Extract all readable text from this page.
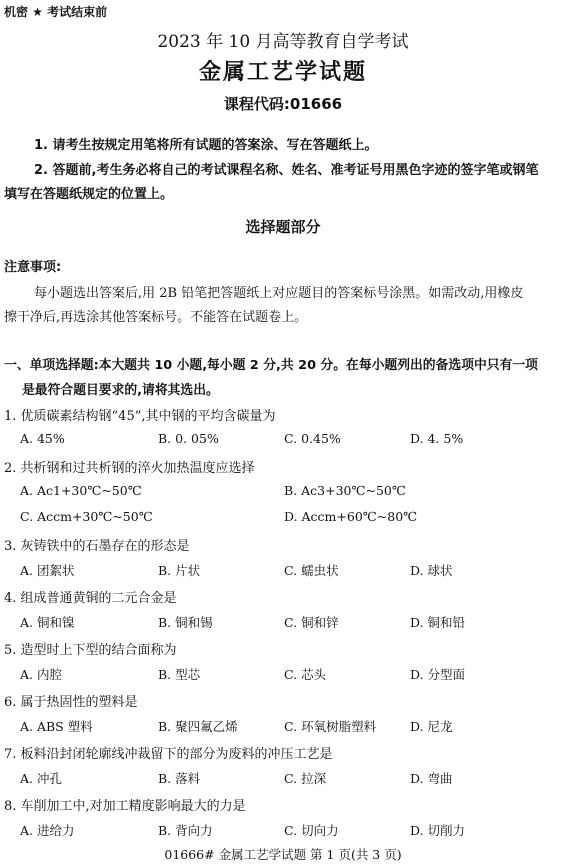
机密 ★ 考试结束前
2023 年 10 月高等教育自学考试
金属工艺学试题
课程代码:01666
1. 请考生按规定用笔将所有试题的答案涂、写在答题纸上。
2. 答题前,考生务必将自己的考试课程名称、姓名、准考证号用黑色字迹的签字笔或钢笔
填写在答题纸规定的位置上。
选择题部分
注意事项:
每小题选出答案后,用 2B 铅笔把答题纸上对应题目的答案标号涂黑。如需改动,用橡皮
擦干净后,再选涂其他答案标号。不能答在试题卷上。
一、单项选择题:本大题共 10 小题,每小题 2 分,共 20 分。在每小题列出的备选项中只有一项
是最符合题目要求的,请将其选出。
1. 优质碳素结构钢“45”,其中钢的平均含碳量为
A. 45%	B. 0. 05%	C. 0.45%	D. 4. 5%
2. 共析钢和过共析钢的淬火加热温度应选择
A. Ac1+30℃~50℃	B. Ac3+30℃~50℃
C. Accm+30℃~50℃	D. Accm+60℃~80℃
3. 灰铸铁中的石墨存在的形态是
A. 团絮状	B. 片状	C. 蠕虫状	D. 球状
4. 组成普通黄铜的二元合金是
A. 铜和镍	B. 铜和锡	C. 铜和锌	D. 铜和铅
5. 造型时上下型的结合面称为
A. 内腔	B. 型芯	C. 芯头	D. 分型面
6. 属于热固性的塑料是
A. ABS 塑料	B. 聚四氟乙烯	C. 环氧树脂塑料	D. 尼龙
7. 板料沿封闭轮廓线冲裁留下的部分为废料的冲压工艺是
A. 冲孔	B. 落料	C. 拉深	D. 弯曲
8. 车削加工中,对加工精度影响最大的力是
A. 进给力	B. 背向力	C. 切向力	D. 切削力
01666# 金属工艺学试题 第 1 页(共 3 页)
